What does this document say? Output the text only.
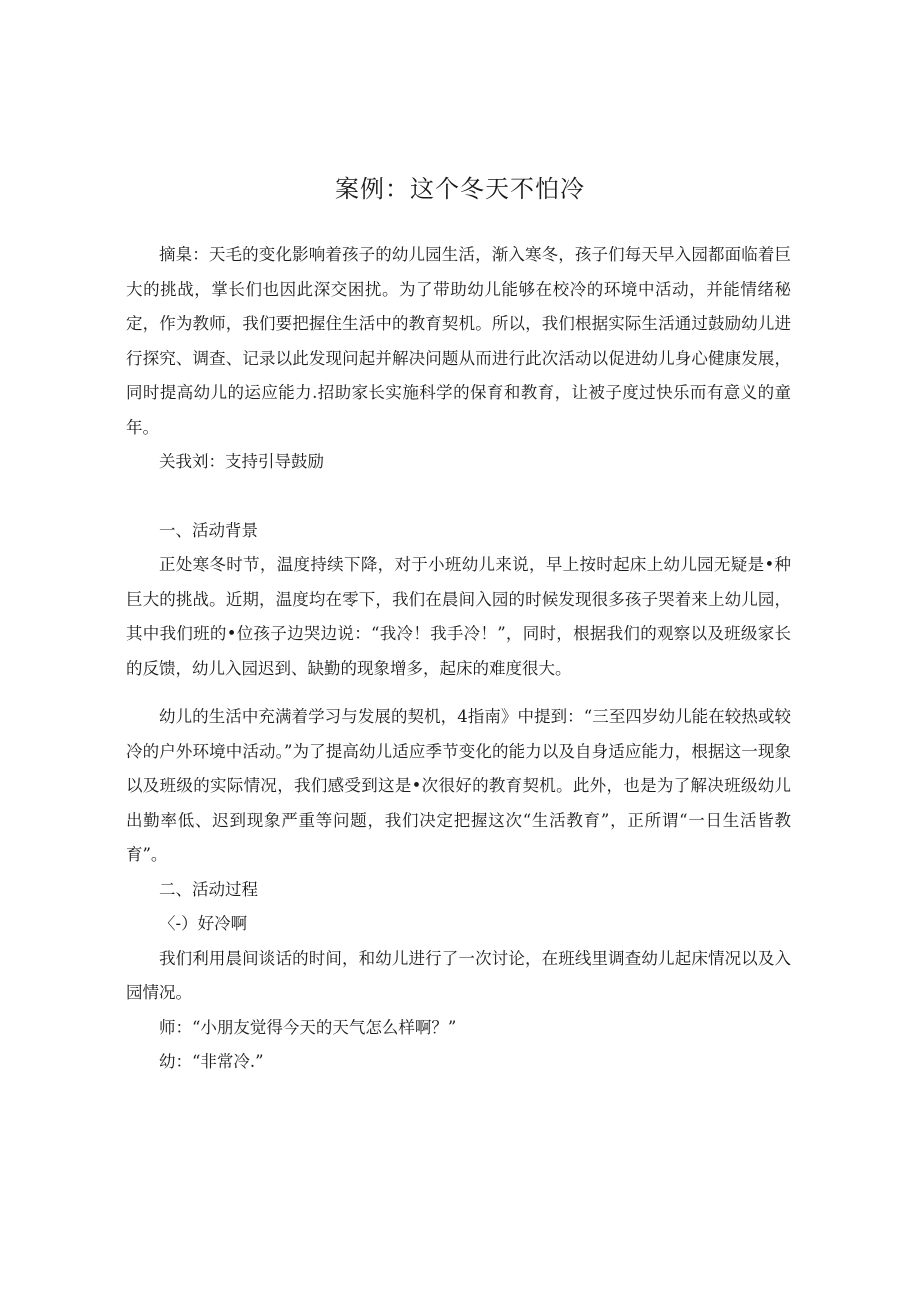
案例：这个冬天不怕冷

摘臬：天毛的变化影响着孩子的幼儿园生活，渐入寒冬，孩子们每天早入园都面临着巨大的挑战，掌长们也因此深交困扰。为了带助幼儿能够在校冷的环境中活动，并能情绪秘定，作为教师，我们要把握住生活中的教育契机。所以，我们根据实际生活通过鼓励幼儿进行探究、调查、记录以此发现问起并解决问题从而进行此次活动以促进幼儿身心健康发展，同时提高幼儿的运应能力.招助家长实施科学的保育和教育，让被子度过快乐而有意义的童年。

关我刘：支持引导鼓励

一、活动背景

正处寒冬时节，温度持续下降，对于小班幼儿来说，早上按时起床上幼儿园无疑是•种巨大的挑战。近期，温度均在零下，我们在晨间入园的时候发现很多孩子哭着来上幼儿园，其中我们班的•位孩子边哭边说：“我冷！我手冷！”，同时，根据我们的观察以及班级家长的反馈，幼儿入园迟到、缺勤的现象增多，起床的难度很大。

幼儿的生活中充满着学习与发展的契机，4指南》中提到：“三至四岁幼儿能在较热或较冷的户外环境中活动。”为了提高幼儿适应季节变化的能力以及自身适应能力，根据这一现象以及班级的实际情况，我们感受到这是•次很好的教育契机。此外，也是为了解决班级幼儿出勤率低、迟到现象严重等问题，我们决定把握这次“生活教育”，正所谓“一日生活皆教育”。

二、活动过程

〈-）好冷啊

我们利用晨间谈话的时间，和幼儿进行了一次讨论，在班线里调查幼儿起床情况以及入园情况。

师：“小朋友觉得今天的天气怎么样啊？”

幼：“非常冷.”
